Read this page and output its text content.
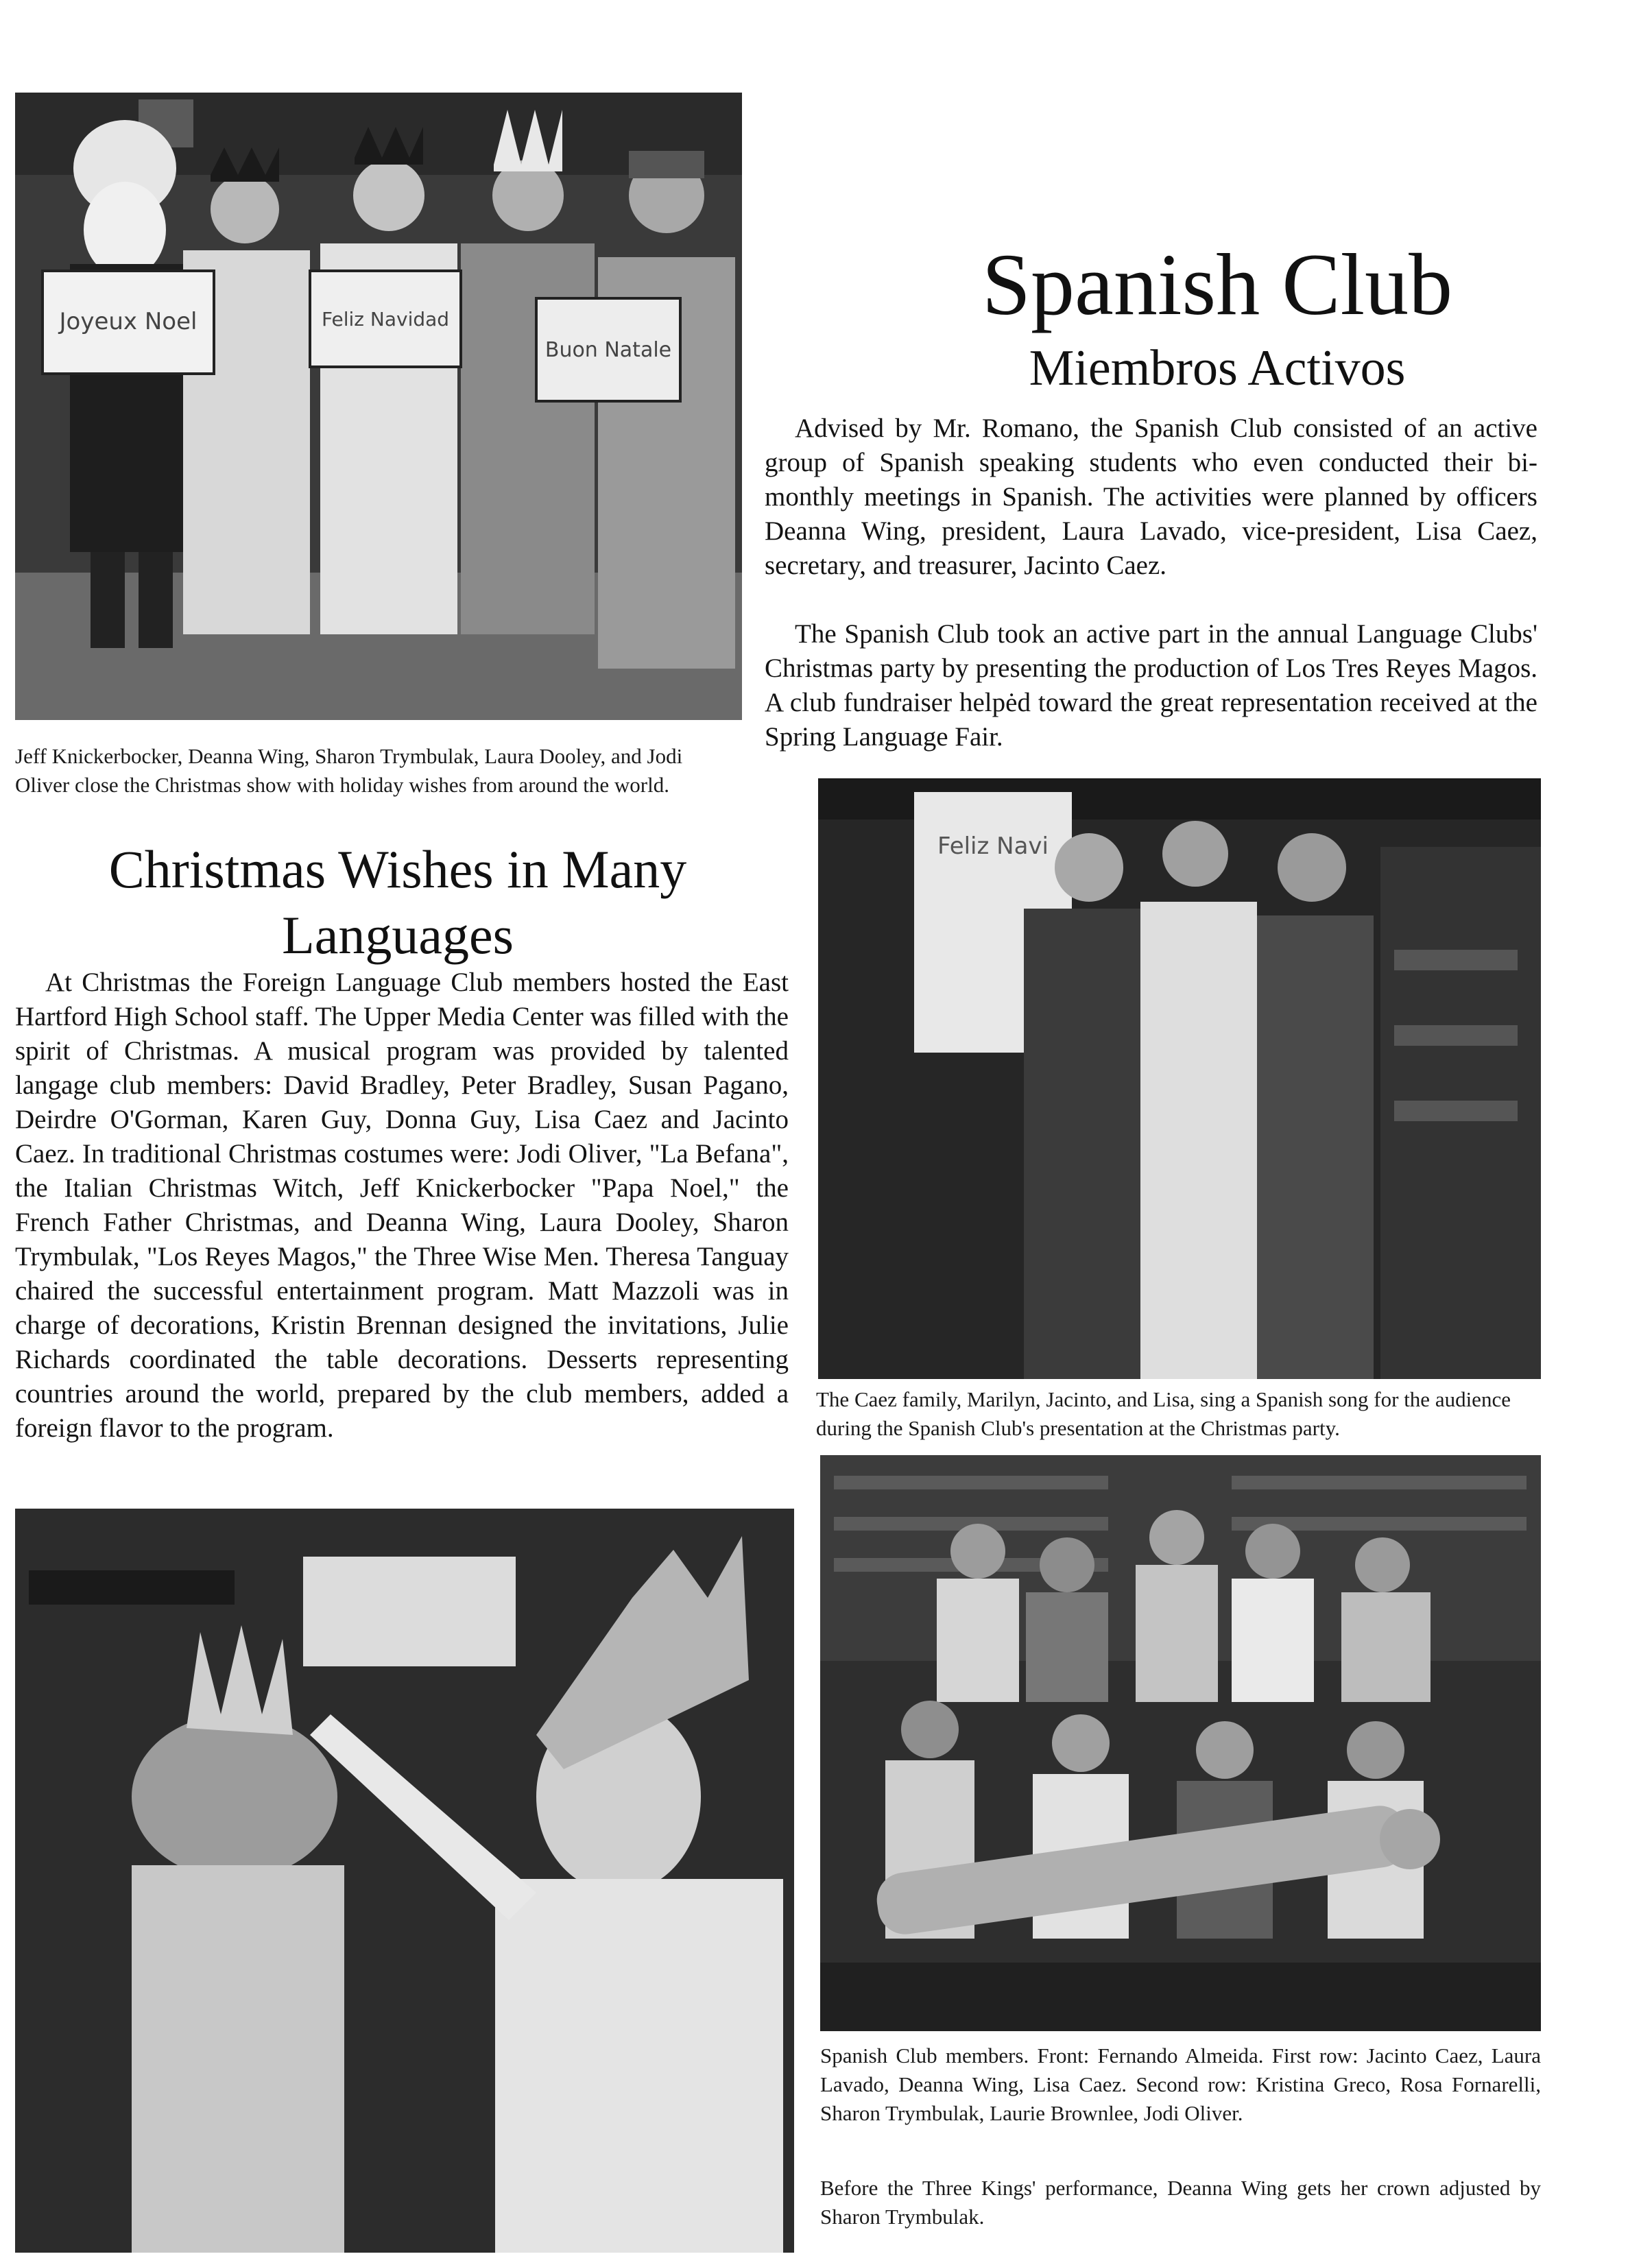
Joyeux Noel	Feliz Navidad
Buon Natale

Jeff Knickerbocker, Deanna Wing, Sharon Trymbulak, Laura Dooley, and Jodi Oliver close the Christmas show with holiday wishes from around the world.

Christmas Wishes in Many Languages

At Christmas the Foreign Language Club members hosted the East Hartford High School staff. The Upper Media Center was filled with the spirit of Christmas. A musical program was provided by talented langage club members: David Bradley, Peter Bradley, Susan Pagano, Deirdre O'Gorman, Karen Guy, Donna Guy, Lisa Caez and Jacinto Caez. In traditional Christmas costumes were: Jodi Oliver, "La Befana", the Italian Christmas Witch, Jeff Knickerbocker "Papa Noel," the French Father Christmas, and Deanna Wing, Laura Dooley, Sharon Trymbulak, "Los Reyes Magos," the Three Wise Men. Theresa Tanguay chaired the successful entertainment program. Matt Mazzoli was in charge of decorations, Kristin Brennan designed the invitations, Julie Richards coordinated the table decorations. Desserts representing countries around the world, prepared by the club members, added a foreign flavor to the program.

Spanish Club
Miembros Activos

Advised by Mr. Romano, the Spanish Club consisted of an active group of Spanish speaking students who even conducted their bi-monthly meetings in Spanish. The activities were planned by officers Deanna Wing, president, Laura Lavado, vice-president, Lisa Caez, secretary, and treasurer, Jacinto Caez.

The Spanish Club took an active part in the annual Language Clubs' Christmas party by presenting the production of Los Tres Reyes Magos. A club fundraiser helpėd toward the great representation received at the Spring Language Fair.

Feliz Navi

The Caez family, Marilyn, Jacinto, and Lisa, sing a Spanish song for the audience during the Spanish Club's presentation at the Christmas party.

Spanish Club members. Front: Fernando Almeida. First row: Jacinto Caez, Laura Lavado, Deanna Wing, Lisa Caez. Second row: Kristina Greco, Rosa Fornarelli, Sharon Trymbulak, Laurie Brownlee, Jodi Oliver.

Before the Three Kings' performance, Deanna Wing gets her crown adjusted by Sharon Trymbulak.
